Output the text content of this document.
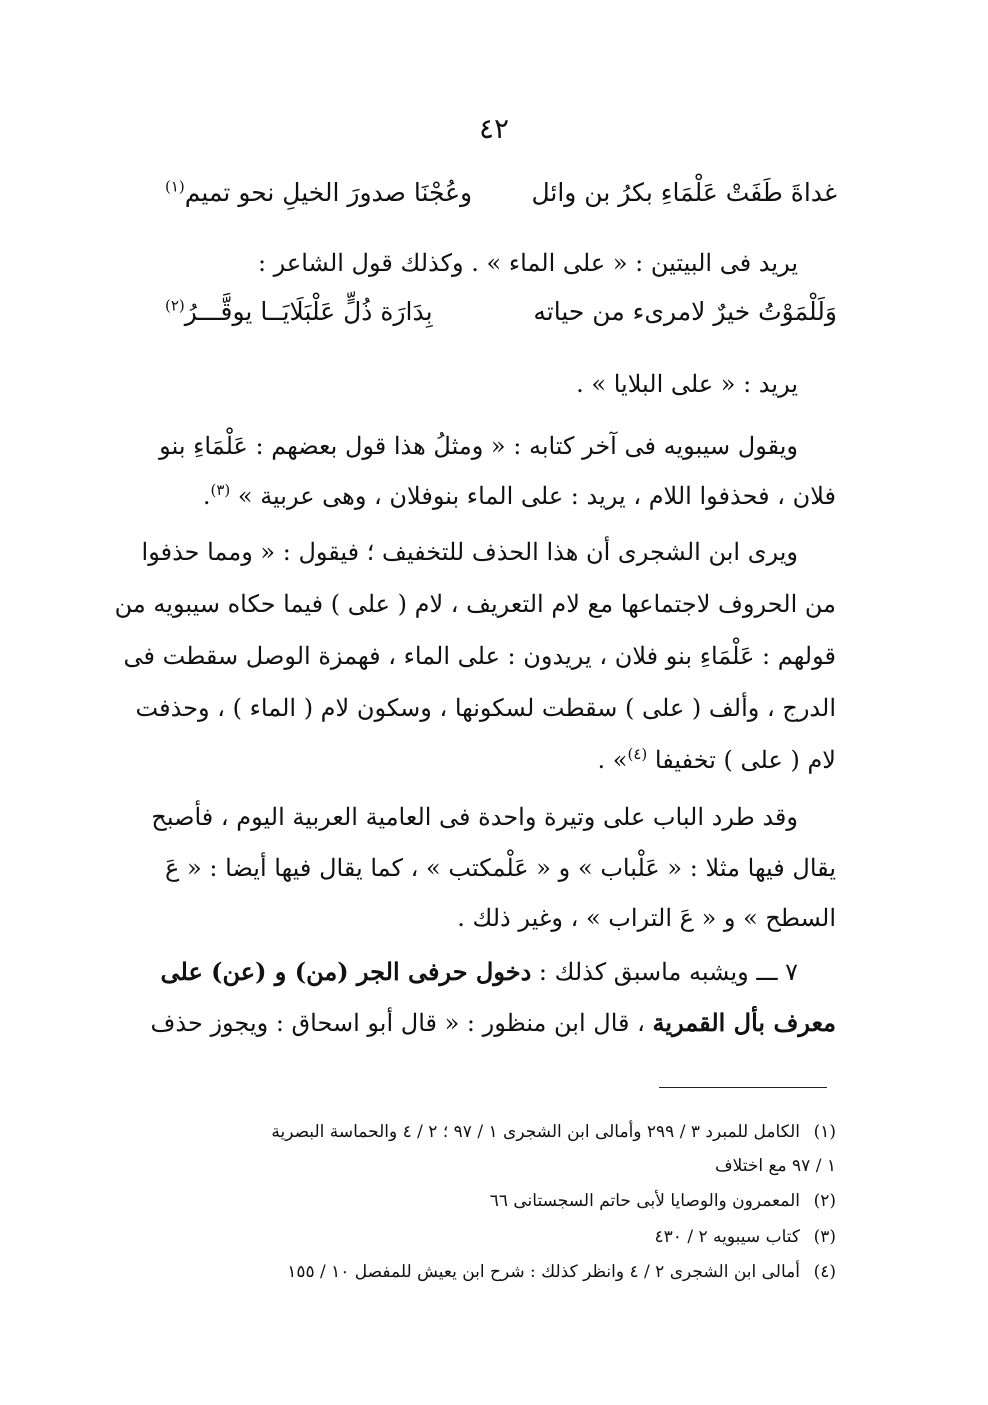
٤٢
غداةَ طَفَتْ عَلْمَاءِ بكرُ بن وائل
وعُجْنَا صدورَ الخيلِ نحو تميم$^{(١)}$
يريد فى البيتين : « على الماء » . وكذلك قول الشاعر :
وَلَلْمَوْتُ خيرٌ لامرىء من حياته
بِدَارَة ذُلٍّ عَلْبَلَايَــا يوقَّـــرُ$^{(٢)}$
يريد : « على البلايا » .
ويقول سيبويه فى آخر كتابه : « ومثلُ هذا قول بعضهم : عَلْمَاءِ بنو
فلان ، فحذفوا اللام ، يريد : على الماء بنوفلان ، وهى عربية » $^{(٣)}$.
ويرى ابن الشجرى أن هذا الحذف للتخفيف ؛ فيقول : « ومما حذفوا
من الحروف لاجتماعها مع لام التعريف ، لام ( على ) فيما حكاه سيبويه من
قولهم : عَلْمَاءِ بنو فلان ، يريدون : على الماء ، فهمزة الوصل سقطت فى
الدرج ، وألف ( على ) سقطت لسكونها ، وسكون لام ( الماء ) ، وحذفت
لام ( على ) تخفيفا $^{(٤)}$» .
وقد طرد الباب على وتيرة واحدة فى العامية العربية اليوم ، فأصبح
يقال فيها مثلا : « عَلْباب » و « عَلْمكتب » ، كما يقال فيها أيضا : « عَ
السطح » و « عَ التراب » ، وغير ذلك .
٧ ـــ ويشبه ماسبق كذلك : دخول حرفى الجر (من) و (عن) على
معرف بأل القمرية ، قال ابن منظور : « قال أبو اسحاق : ويجوز حذف
(١)الكامل للمبرد ٣ / ٢٩٩ وأمالى ابن الشجرى ١ / ٩٧ ؛ ٢ / ٤ والحماسة البصرية
١ / ٩٧ مع اختلاف
(٢)المعمرون والوصايا لأبى حاتم السجستانى ٦٦
(٣)كتاب سيبويه ٢ / ٤٣٠
(٤)أمالى ابن الشجرى ٢ / ٤ وانظر كذلك : شرح ابن يعيش للمفصل ١٠ / ١٥٥
